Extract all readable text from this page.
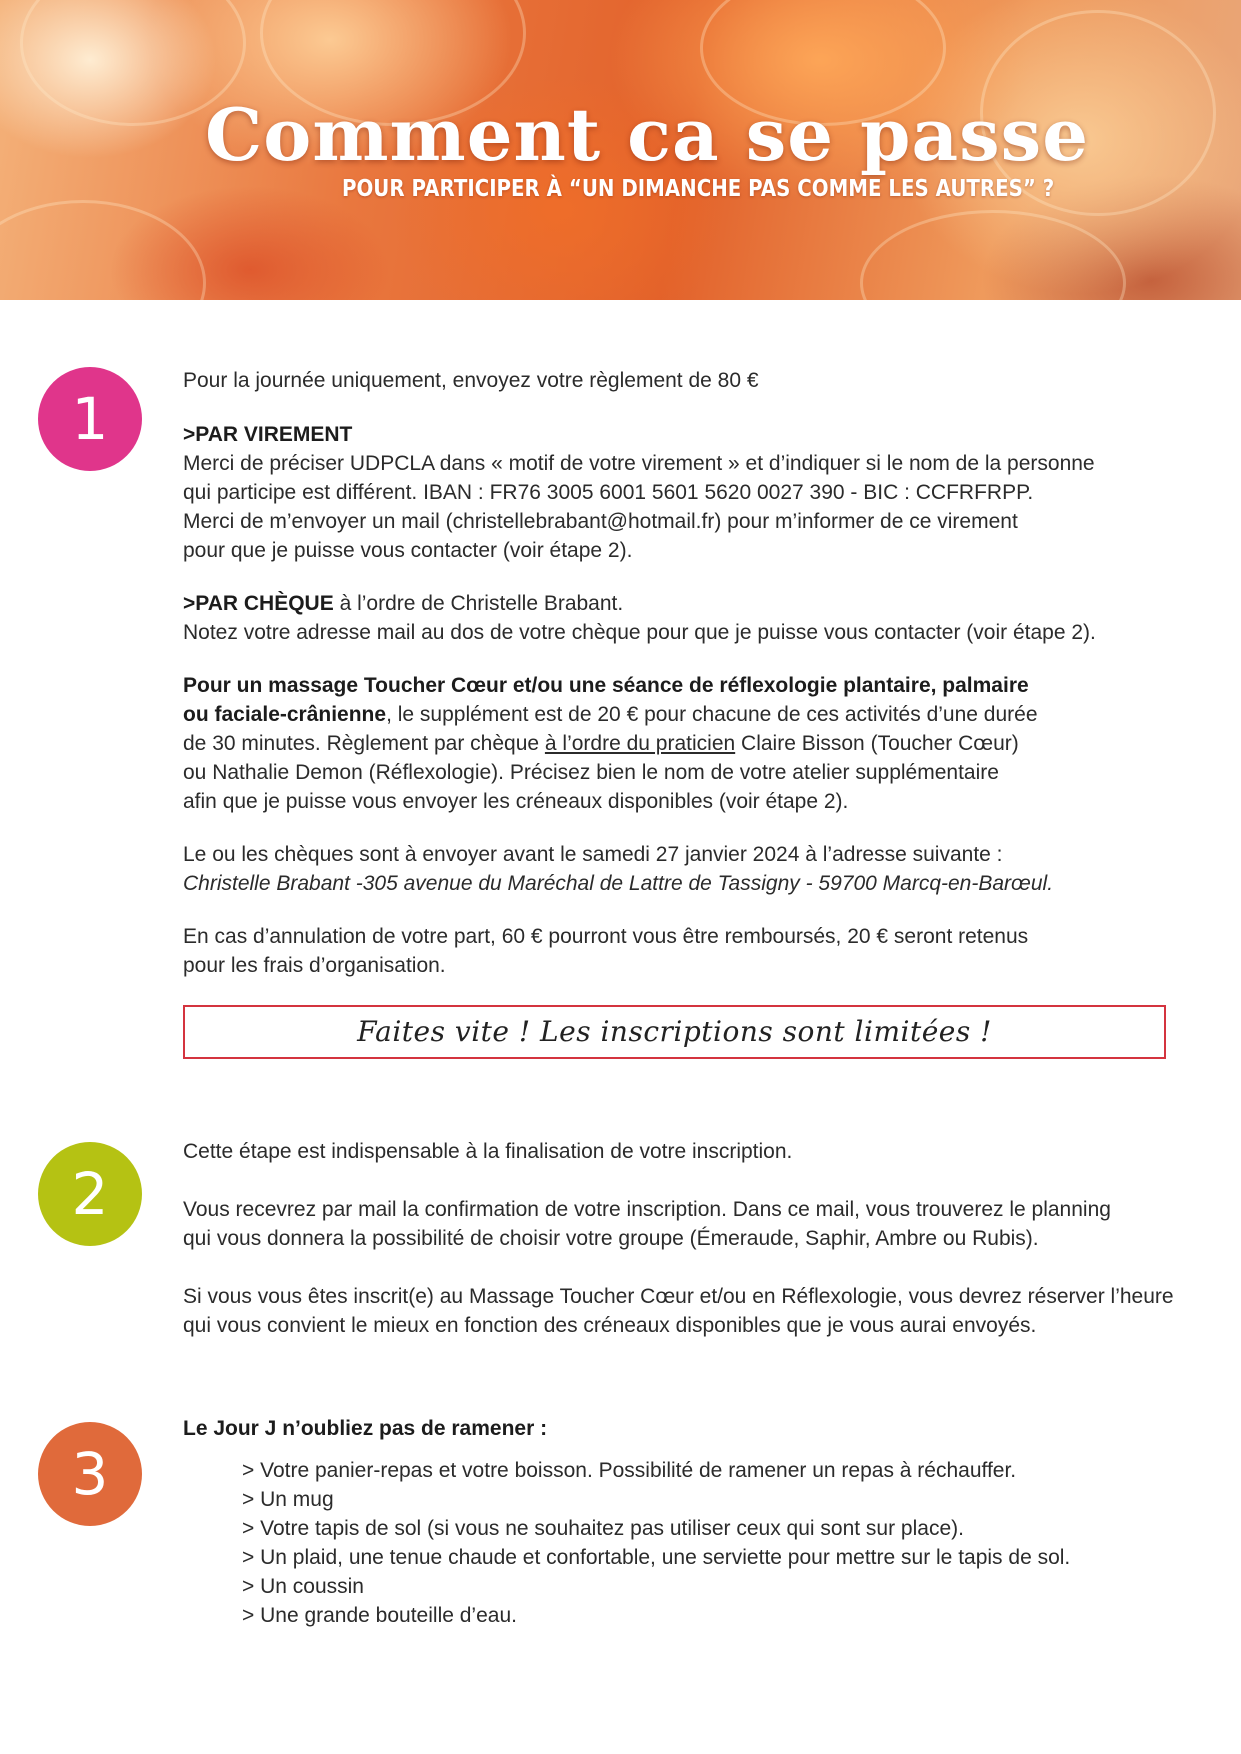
Comment ca se passe
POUR PARTICIPER À “UN DIMANCHE PAS COMME LES AUTRES” ?
1
Pour la journée uniquement, envoyez votre règlement de 80 €
>PAR VIREMENT
Merci de préciser UDPCLA dans « motif de votre virement » et d’indiquer si le nom de la personne
qui participe est différent. IBAN : FR76 3005 6001 5601 5620 0027 390 - BIC : CCFRFRPP.
Merci de m’envoyer un mail (christellebrabant@hotmail.fr) pour m’informer de ce virement
pour que je puisse vous contacter (voir étape 2).
>PAR CHÈQUE à l’ordre de Christelle Brabant.
Notez votre adresse mail au dos de votre chèque pour que je puisse vous contacter (voir étape 2).
Pour un massage Toucher Cœur et/ou une séance de réflexologie plantaire, palmaire
ou faciale-crânienne, le supplément est de 20 € pour chacune de ces activités d’une durée
de 30 minutes. Règlement par chèque à l’ordre du praticien Claire Bisson (Toucher Cœur)
ou Nathalie Demon (Réflexologie). Précisez bien le nom de votre atelier supplémentaire
afin que je puisse vous envoyer les créneaux disponibles (voir étape 2).
Le ou les chèques sont à envoyer avant le samedi 27 janvier 2024 à l’adresse suivante :
Christelle Brabant -305 avenue du Maréchal de Lattre de Tassigny - 59700 Marcq-en-Barœul.
En cas d’annulation de votre part, 60 € pourront vous être remboursés, 20 € seront retenus
pour les frais d’organisation.
Faites vite ! Les inscriptions sont limitées !
2
Cette étape est indispensable à la finalisation de votre inscription.
Vous recevrez par mail la confirmation de votre inscription. Dans ce mail, vous trouverez le planning
qui vous donnera la possibilité de choisir votre groupe (Émeraude, Saphir, Ambre ou Rubis).
Si vous vous êtes inscrit(e) au Massage Toucher Cœur et/ou en Réflexologie, vous devrez réserver l’heure
qui vous convient le mieux en fonction des créneaux disponibles que je vous aurai envoyés.
3
Le Jour J n’oubliez pas de ramener :
> Votre panier-repas et votre boisson. Possibilité de ramener un repas à réchauffer.
> Un mug
> Votre tapis de sol (si vous ne souhaitez pas utiliser ceux qui sont sur place).
> Un plaid, une tenue chaude et confortable, une serviette pour mettre sur le tapis de sol.
> Un coussin
> Une grande bouteille d’eau.
